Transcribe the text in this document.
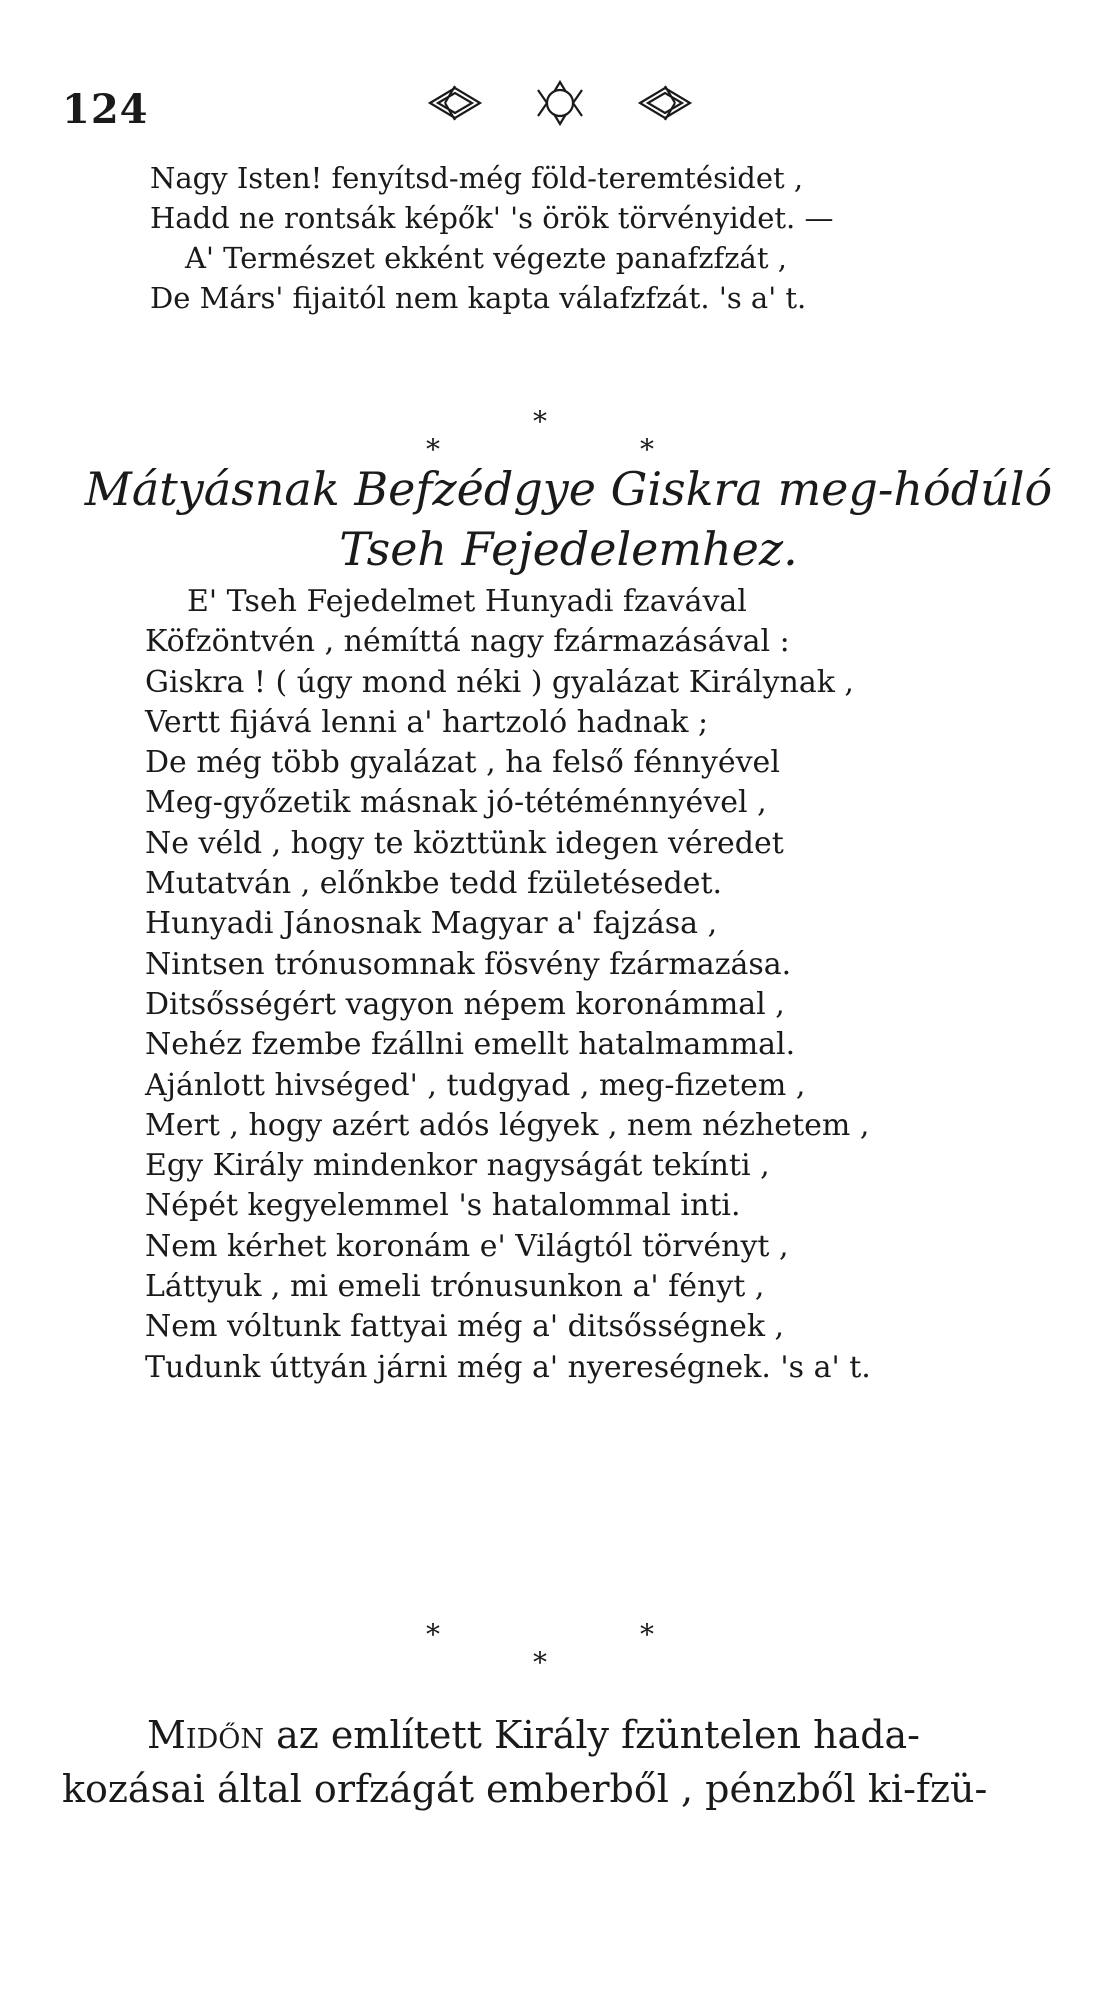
124
Nagy Isten! fenyítsd-még föld-teremtésidet ,
Hadd ne rontsák képők' 's örök törvényidet. —
A' Természet ekként végezte panafzfzát ,
De Márs' fijaitól nem kapta válafzfzát. 's a' t.
*
*	*
Mátyásnak Befzédgye Giskra meg-hódúló
Tseh Fejedelemhez.
E' Tseh Fejedelmet Hunyadi fzavával
Köfzöntvén , némíttá nagy fzármazásával :
Giskra ! ( úgy mond néki ) gyalázat Királynak ,
Vertt fijává lenni a' hartzoló hadnak ;
De még több gyalázat , ha felső fénnyével
Meg-győzetik másnak jó-tétéménnyével ,
Ne véld , hogy te közttünk idegen véredet
Mutatván , előnkbe tedd fzületésedet.
Hunyadi Jánosnak Magyar a' fajzása ,
Nintsen trónusomnak fösvény fzármazása.
Ditsősségért vagyon népem koronámmal ,
Nehéz fzembe fzállni emellt hatalmammal.
Ajánlott hivséged' , tudgyad , meg-fizetem ,
Mert , hogy azért adós légyek , nem nézhetem ,
Egy Király mindenkor nagyságát tekínti ,
Népét kegyelemmel 's hatalommal inti.
Nem kérhet koronám e' Világtól törvényt ,
Láttyuk , mi emeli trónusunkon a' fényt ,
Nem vóltunk fattyai még a' ditsősségnek ,
Tudunk úttyán járni még a' nyereségnek. 's a' t.
*	*
*
Midőn az említett Király fzüntelen hada-
kozásai által orfzágát emberből , pénzből ki-fzü-
